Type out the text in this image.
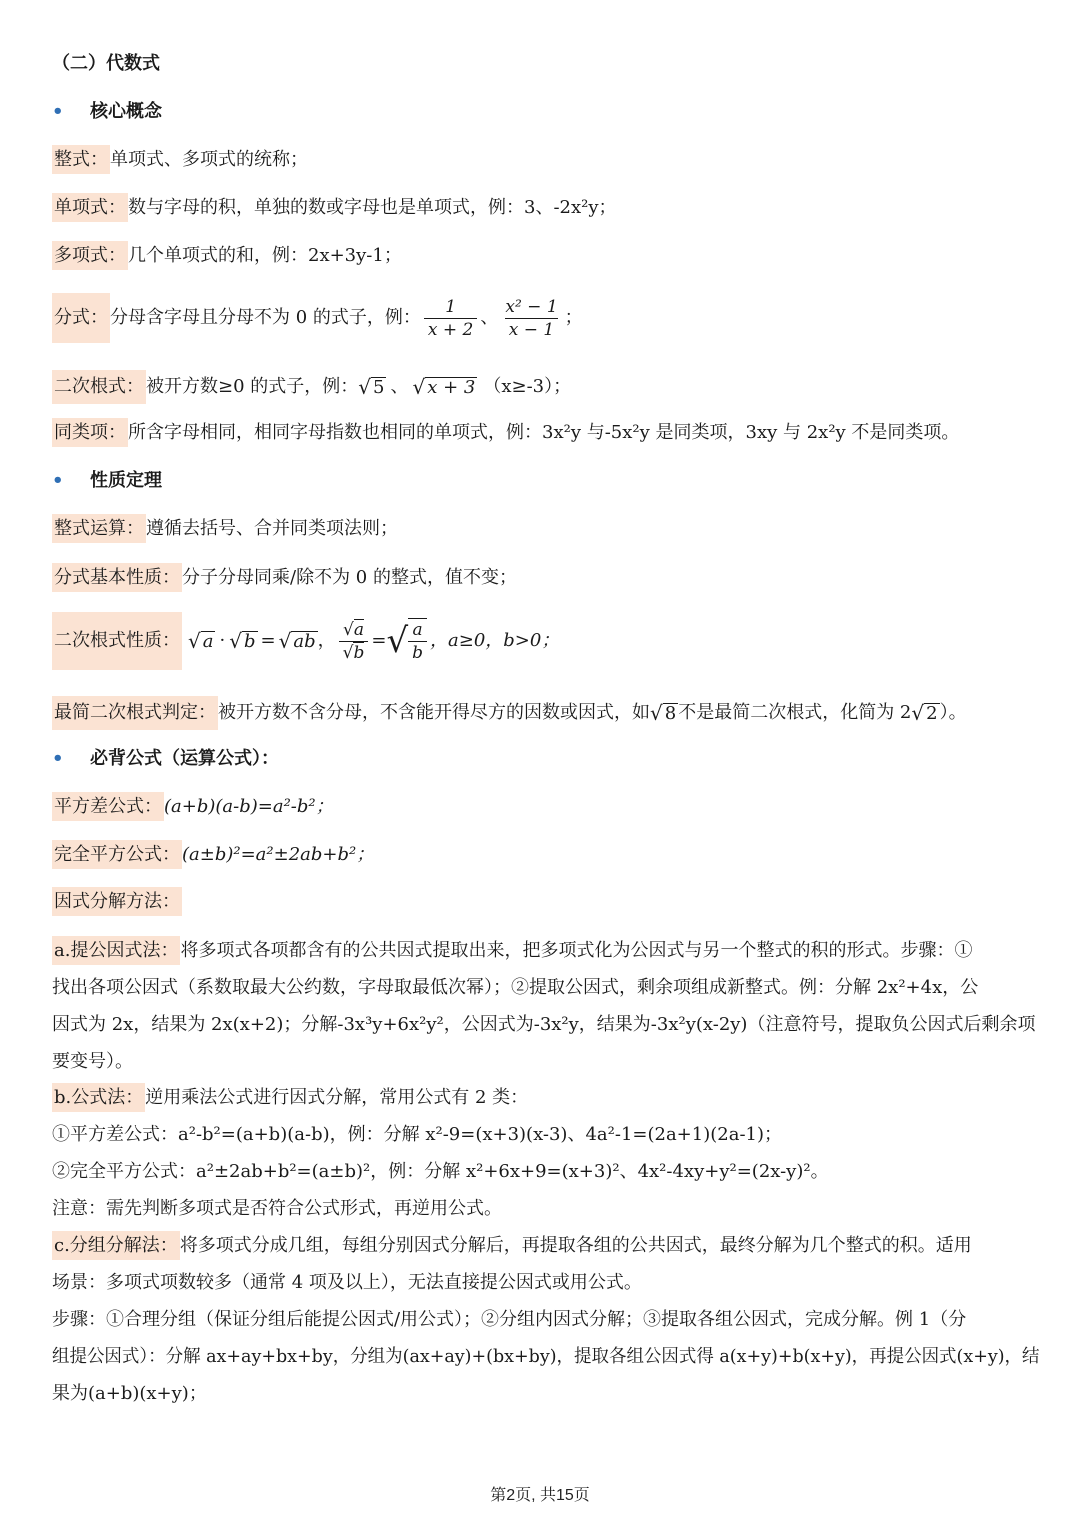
（二）代数式
• 核心概念
整式： 单项式、多项式的统称；
单项式： 数与字母的积，单独的数或字母也是单项式，例：3、-2x²y；
多项式： 几个单项式的和，例：2x+3y-1；
分式： 分母含字母且分母不为 0 的式子，例： $\frac{1}{x + 2}$ 、 $\frac{\text{x² − 1}}{x - 1}$ ；
二次根式： 被开方数≥0 的式子，例： √ 5 、 √ x + 3 （x≥-3）；
同类项： 所含字母相同，相同字母指数也相同的单项式，例：3x²y 与-5x²y 是同类项，3xy 与 2x²y 不是同类项。
• 性质定理
整式运算： 遵循去括号、合并同类项法则；
分式基本性质： 分子分母同乘/除不为 0 的整式，值不变；
二次根式性质： √ a · √ b = √ ab ， $\frac{√a}{√b}$ = √ $\frac{a}{b}$ ，a≥0，b>0；
最简二次根式判定： 被开方数不含分母，不含能开得尽方的因数或因式，如 √ 8 不是最简二次根式，化简为 2 √ 2 ）。
• 必背公式（运算公式）：
平方差公式： (a+b)(a-b)=a²-b²；
完全平方公式： (a±b)²=a²±2ab+b²；
因式分解方法：
a.提公因式法： 将多项式各项都含有的公共因式提取出来，把多项式化为公因式与另一个整式的积的形式。步骤：①
找出各项公因式（系数取最大公约数，字母取最低次幂）；②提取公因式，剩余项组成新整式。例：分解 2x²+4x，公
因式为 2x，结果为 2x(x+2)；分解-3x³y+6x²y²，公因式为-3x²y，结果为-3x²y(x-2y)（注意符号，提取负公因式后剩余项
要变号）。
b.公式法： 逆用乘法公式进行因式分解，常用公式有 2 类：
①平方差公式：a²-b²=(a+b)(a-b)，例：分解 x²-9=(x+3)(x-3)、4a²-1=(2a+1)(2a-1)；
②完全平方公式：a²±2ab+b²=(a±b)²，例：分解 x²+6x+9=(x+3)²、4x²-4xy+y²=(2x-y)²。
注意：需先判断多项式是否符合公式形式，再逆用公式。
c.分组分解法： 将多项式分成几组，每组分别因式分解后，再提取各组的公共因式，最终分解为几个整式的积。适用
场景：多项式项数较多（通常 4 项及以上），无法直接提公因式或用公式。
步骤：①合理分组（保证分组后能提公因式/用公式）；②分组内因式分解；③提取各组公因式，完成分解。例 1（分
组提公因式）：分解 ax+ay+bx+by，分组为(ax+ay)+(bx+by)，提取各组公因式得 a(x+y)+b(x+y)，再提公因式(x+y)，结
果为(a+b)(x+y)；
第2页, 共15页
